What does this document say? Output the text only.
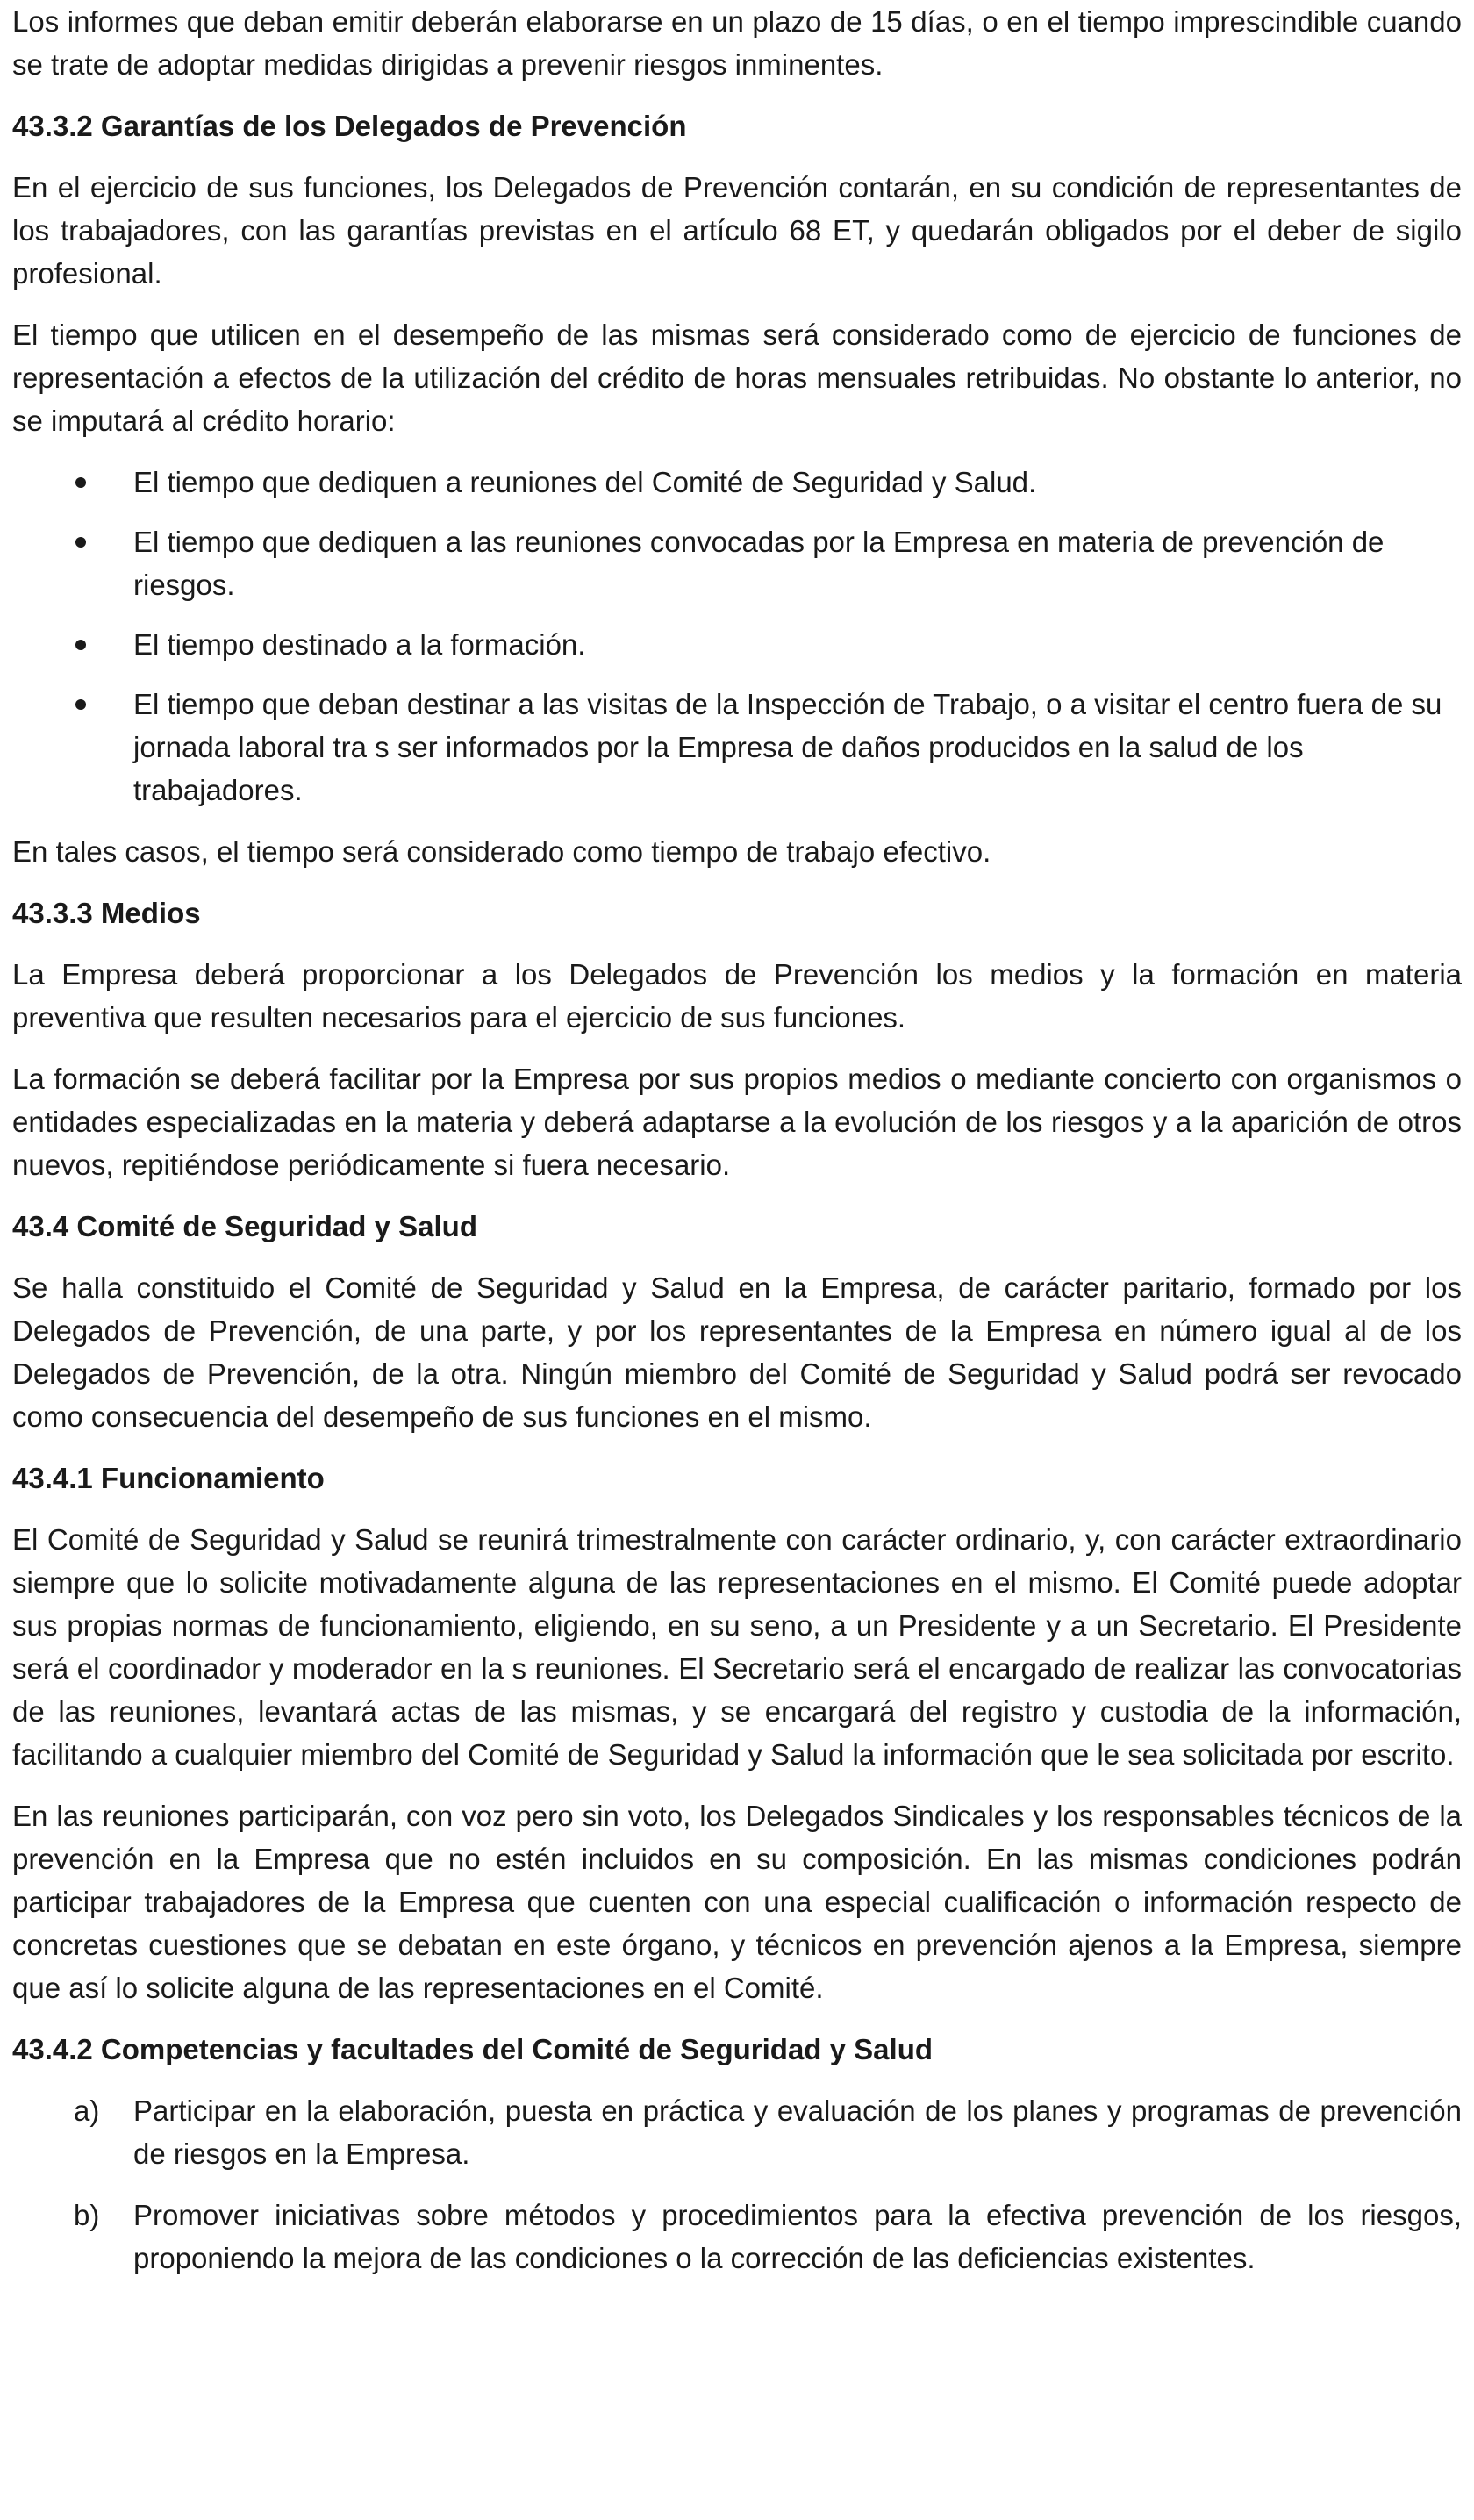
Los informes que deban emitir deberán elaborarse en un plazo de 15 días, o en el tiempo imprescindible cuando se trate de adoptar medidas dirigidas a prevenir riesgos inminentes.

43.3.2 Garantías de los Delegados de Prevención

En el ejercicio de sus funciones, los Delegados de Prevención contarán, en su condición de representantes de los trabajadores, con las garantías previstas en el artículo 68 ET, y quedarán obligados por el deber de sigilo profesional.

El tiempo que utilicen en el desempeño de las mismas será considerado como de ejercicio de funciones de representación a efectos de la utilización del crédito de horas mensuales retribuidas. No obstante lo anterior, no se imputará al crédito horario:

El tiempo que dediquen a reuniones del Comité de Seguridad y Salud.
El tiempo que dediquen a las reuniones convocadas por la Empresa en materia de prevención de riesgos.
El tiempo destinado a la formación.
El tiempo que deban destinar a las visitas de la Inspección de Trabajo, o a visitar el centro fuera de su jornada laboral tra s ser informados por la Empresa de daños producidos en la salud de los trabajadores.

En tales casos, el tiempo será considerado como tiempo de trabajo efectivo.

43.3.3 Medios

La Empresa deberá proporcionar a los Delegados de Prevención los medios y la formación en materia preventiva que resulten necesarios para el ejercicio de sus funciones.

La formación se deberá facilitar por la Empresa por sus propios medios o mediante concierto con organismos o entidades especializadas en la materia y deberá adaptarse a la evolución de los riesgos y a la aparición de otros nuevos, repitiéndose periódicamente si fuera necesario.

43.4 Comité de Seguridad y Salud

Se halla constituido el Comité de Seguridad y Salud en la Empresa, de carácter paritario, formado por los Delegados de Prevención, de una parte, y por los representantes de la Empresa en número igual al de los Delegados de Prevención, de la otra. Ningún miembro del Comité de Seguridad y Salud podrá ser revocado como consecuencia del desempeño de sus funciones en el mismo.

43.4.1 Funcionamiento

El Comité de Seguridad y Salud se reunirá trimestralmente con carácter ordinario, y, con carácter extraordinario siempre que lo solicite motivadamente alguna de las representaciones en el mismo. El Comité puede adoptar sus propias normas de funcionamiento, eligiendo, en su seno, a un Presidente y a un Secretario. El Presidente será el coordinador y moderador en la s reuniones. El Secretario será el encargado de realizar las convocatorias de las reuniones, levantará actas de las mismas, y se encargará del registro y custodia de la información, facilitando a cualquier miembro del Comité de Seguridad y Salud la información que le sea solicitada por escrito.

En las reuniones participarán, con voz pero sin voto, los Delegados Sindicales y los responsables técnicos de la prevención en la Empresa que no estén incluidos en su composición. En las mismas condiciones podrán participar trabajadores de la Empresa que cuenten con una especial cualificación o información respecto de concretas cuestiones que se debatan en este órgano, y técnicos en prevención ajenos a la Empresa, siempre que así lo solicite alguna de las representaciones en el Comité.

43.4.2 Competencias y facultades del Comité de Seguridad y Salud
a) Participar en la elaboración, puesta en práctica y evaluación de los planes y programas de prevención de riesgos en la Empresa.
b) Promover iniciativas sobre métodos y procedimientos para la efectiva prevención de los riesgos, proponiendo la mejora de las condiciones o la corrección de las deficiencias existentes.
